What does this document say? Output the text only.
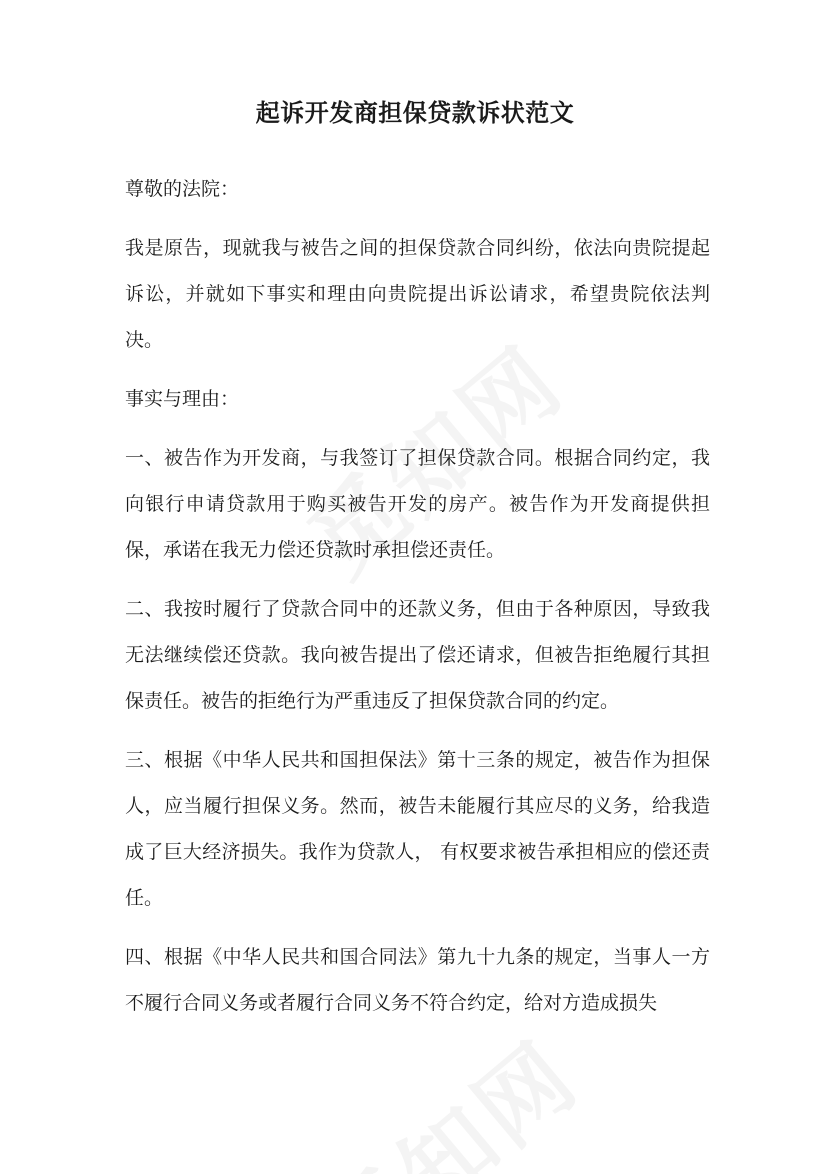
起诉开发商担保贷款诉状范文

尊敬的法院：

我是原告，现就我与被告之间的担保贷款合同纠纷，依法向贵院提起诉讼，并就如下事实和理由向贵院提出诉讼请求，希望贵院依法判决。

事实与理由：

一、被告作为开发商，与我签订了担保贷款合同。根据合同约定，我向银行申请贷款用于购买被告开发的房产。被告作为开发商提供担保，承诺在我无力偿还贷款时承担偿还责任。

二、我按时履行了贷款合同中的还款义务，但由于各种原因，导致我无法继续偿还贷款。我向被告提出了偿还请求，但被告拒绝履行其担保责任。被告的拒绝行为严重违反了担保贷款合同的约定。

三、根据《中华人民共和国担保法》第十三条的规定，被告作为担保人，应当履行担保义务。然而，被告未能履行其应尽的义务，给我造成了巨大经济损失。我作为贷款人， 有权要求被告承担相应的偿还责任。

四、根据《中华人民共和国合同法》第九十九条的规定，当事人一方不履行合同义务或者履行合同义务不符合约定，给对方造成损失
